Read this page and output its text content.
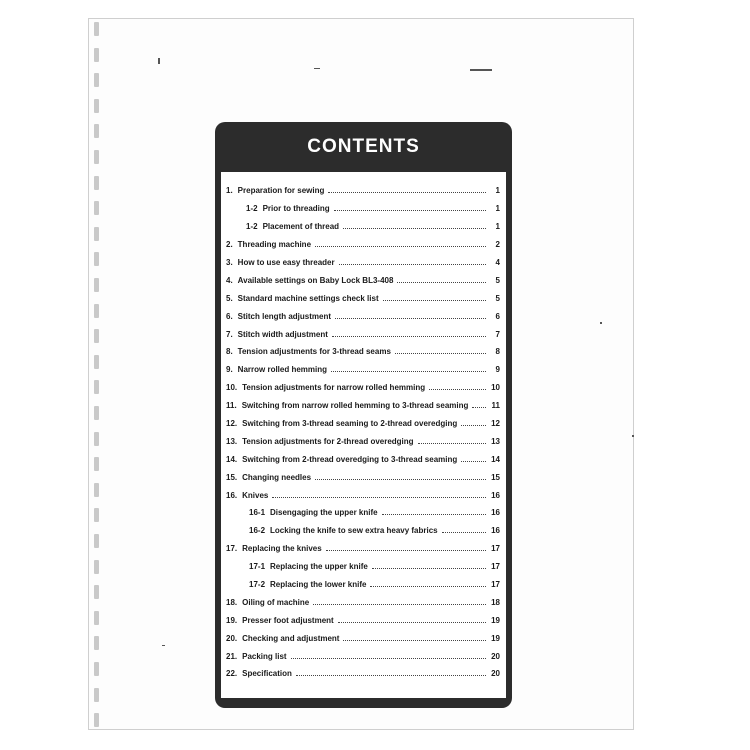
CONTENTS
1. Preparation for sewing	1
1-2 Prior to threading	1
1-2 Placement of thread	1
2. Threading machine	2
3. How to use easy threader	4
4. Available settings on Baby Lock BL3-408	5
5. Standard machine settings check list	5
6. Stitch length adjustment	6
7. Stitch width adjustment	7
8. Tension adjustments for 3-thread seams	8
9. Narrow rolled hemming	9
10. Tension adjustments for narrow rolled hemming	10
11. Switching from narrow rolled hemming to 3-thread seaming	11
12. Switching from 3-thread seaming to 2-thread overedging	12
13. Tension adjustments for 2-thread overedging	13
14. Switching from 2-thread overedging to 3-thread seaming	14
15. Changing needles	15
16. Knives	16
16-1 Disengaging the upper knife	16
16-2 Locking the knife to sew extra heavy fabrics	16
17. Replacing the knives	17
17-1 Replacing the upper knife	17
17-2 Replacing the lower knife	17
18. Oiling of machine	18
19. Presser foot adjustment	19
20. Checking and adjustment	19
21. Packing list	20
22. Specification	20
